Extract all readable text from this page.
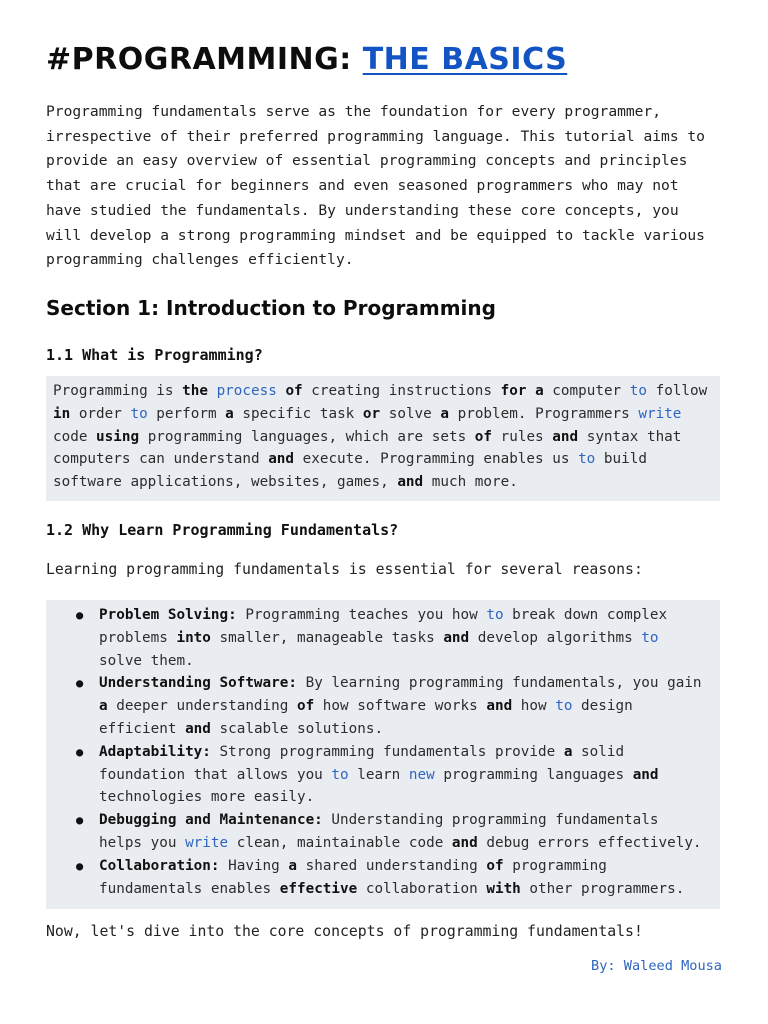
#PROGRAMMING: THE BASICS

Programming fundamentals serve as the foundation for every programmer, irrespective of their preferred programming language. This tutorial aims to provide an easy overview of essential programming concepts and principles that are crucial for beginners and even seasoned programmers who may not have studied the fundamentals. By understanding these core concepts, you will develop a strong programming mindset and be equipped to tackle various programming challenges efficiently.

Section 1: Introduction to Programming
1.1 What is Programming?

Programming is the process of creating instructions for a computer to follow in order to perform a specific task or solve a problem. Programmers write code using programming languages, which are sets of rules and syntax that computers can understand and execute. Programming enables us to build software applications, websites, games, and much more.

1.2 Why Learn Programming Fundamentals?

Learning programming fundamentals is essential for several reasons:

● Problem Solving: Programming teaches you how to break down complex problems into smaller, manageable tasks and develop algorithms to solve them.
● Understanding Software: By learning programming fundamentals, you gain a deeper understanding of how software works and how to design efficient and scalable solutions.
● Adaptability: Strong programming fundamentals provide a solid foundation that allows you to learn new programming languages and technologies more easily.
● Debugging and Maintenance: Understanding programming fundamentals helps you write clean, maintainable code and debug errors effectively.
● Collaboration: Having a shared understanding of programming fundamentals enables effective collaboration with other programmers.

Now, let's dive into the core concepts of programming fundamentals!

By: Waleed Mousa
